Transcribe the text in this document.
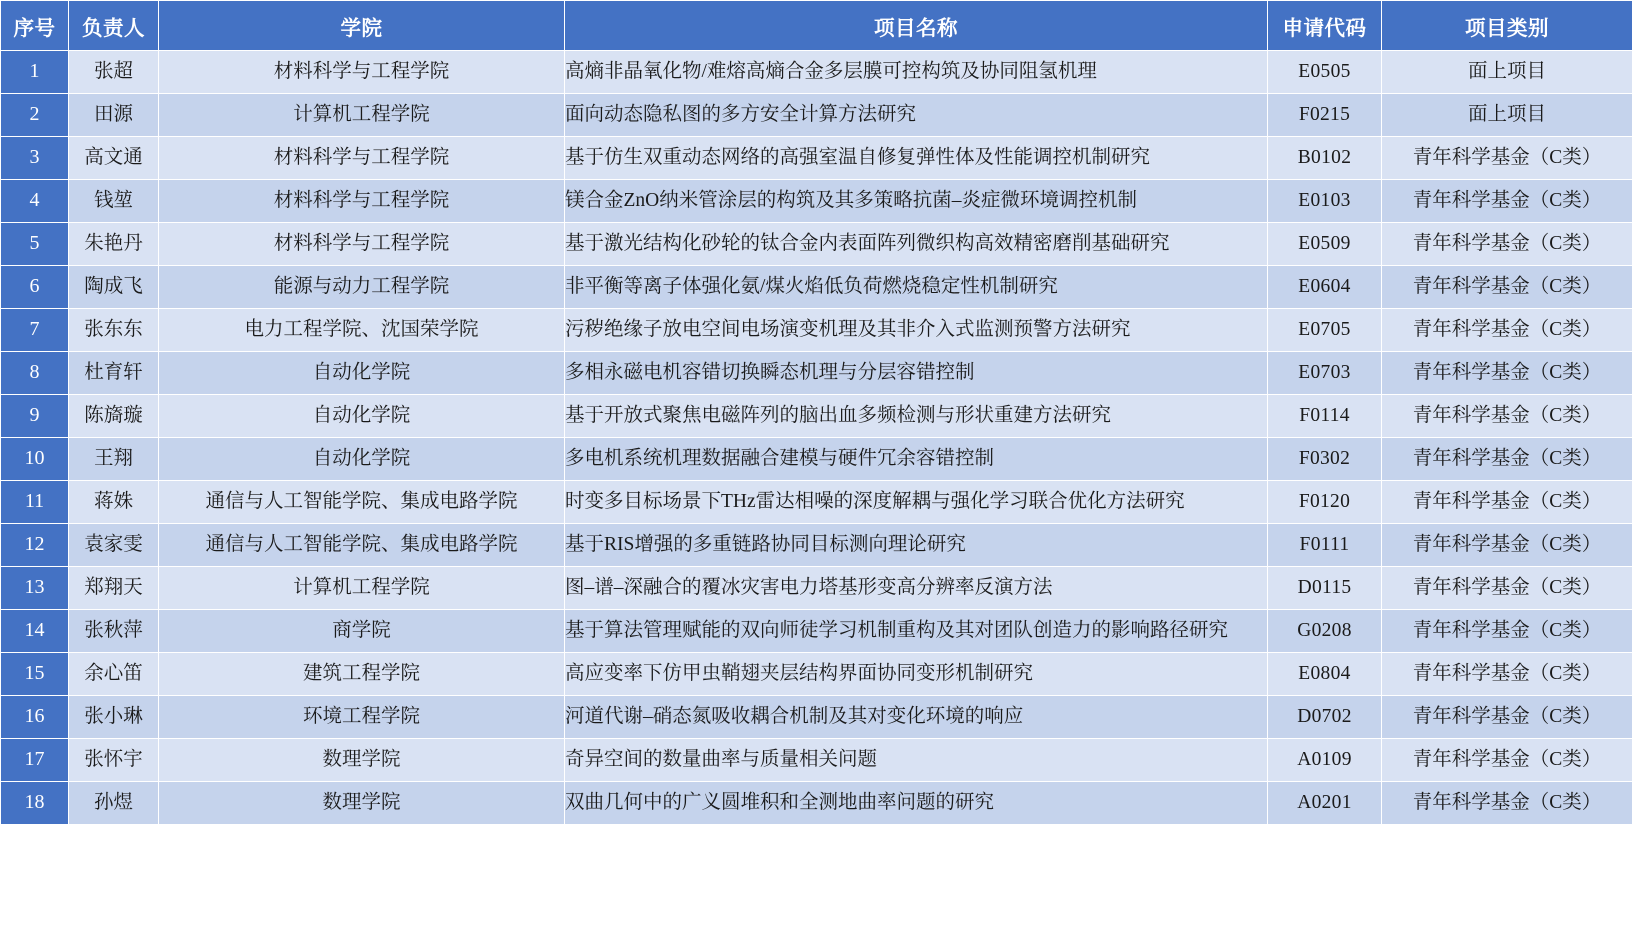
序号	负责人	学院	项目名称	申请代码	项目类别
1	张超	材料科学与工程学院	高熵非晶氧化物/难熔高熵合金多层膜可控构筑及协同阻氢机理	E0505	面上项目
2	田源	计算机工程学院	面向动态隐私图的多方安全计算方法研究	F0215	面上项目
3	高文通	材料科学与工程学院	基于仿生双重动态网络的高强室温自修复弹性体及性能调控机制研究	B0102	青年科学基金（C类）
4	钱堃	材料科学与工程学院	镁合金ZnO纳米管涂层的构筑及其多策略抗菌–炎症微环境调控机制	E0103	青年科学基金（C类）
5	朱艳丹	材料科学与工程学院	基于激光结构化砂轮的钛合金内表面阵列微织构高效精密磨削基础研究	E0509	青年科学基金（C类）
6	陶成飞	能源与动力工程学院	非平衡等离子体强化氨/煤火焰低负荷燃烧稳定性机制研究	E0604	青年科学基金（C类）
7	张东东	电力工程学院、沈国荣学院	污秽绝缘子放电空间电场演变机理及其非介入式监测预警方法研究	E0705	青年科学基金（C类）
8	杜育轩	自动化学院	多相永磁电机容错切换瞬态机理与分层容错控制	E0703	青年科学基金（C类）
9	陈旖璇	自动化学院	基于开放式聚焦电磁阵列的脑出血多频检测与形状重建方法研究	F0114	青年科学基金（C类）
10	王翔	自动化学院	多电机系统机理数据融合建模与硬件冗余容错控制	F0302	青年科学基金（C类）
11	蒋姝	通信与人工智能学院、集成电路学院	时变多目标场景下THz雷达相噪的深度解耦与强化学习联合优化方法研究	F0120	青年科学基金（C类）
12	袁家雯	通信与人工智能学院、集成电路学院	基于RIS增强的多重链路协同目标测向理论研究	F0111	青年科学基金（C类）
13	郑翔天	计算机工程学院	图–谱–深融合的覆冰灾害电力塔基形变高分辨率反演方法	D0115	青年科学基金（C类）
14	张秋萍	商学院	基于算法管理赋能的双向师徒学习机制重构及其对团队创造力的影响路径研究	G0208	青年科学基金（C类）
15	余心笛	建筑工程学院	高应变率下仿甲虫鞘翅夹层结构界面协同变形机制研究	E0804	青年科学基金（C类）
16	张小琳	环境工程学院	河道代谢–硝态氮吸收耦合机制及其对变化环境的响应	D0702	青年科学基金（C类）
17	张怀宇	数理学院	奇异空间的数量曲率与质量相关问题	A0109	青年科学基金（C类）
18	孙煜	数理学院	双曲几何中的广义圆堆积和全测地曲率问题的研究	A0201	青年科学基金（C类）
